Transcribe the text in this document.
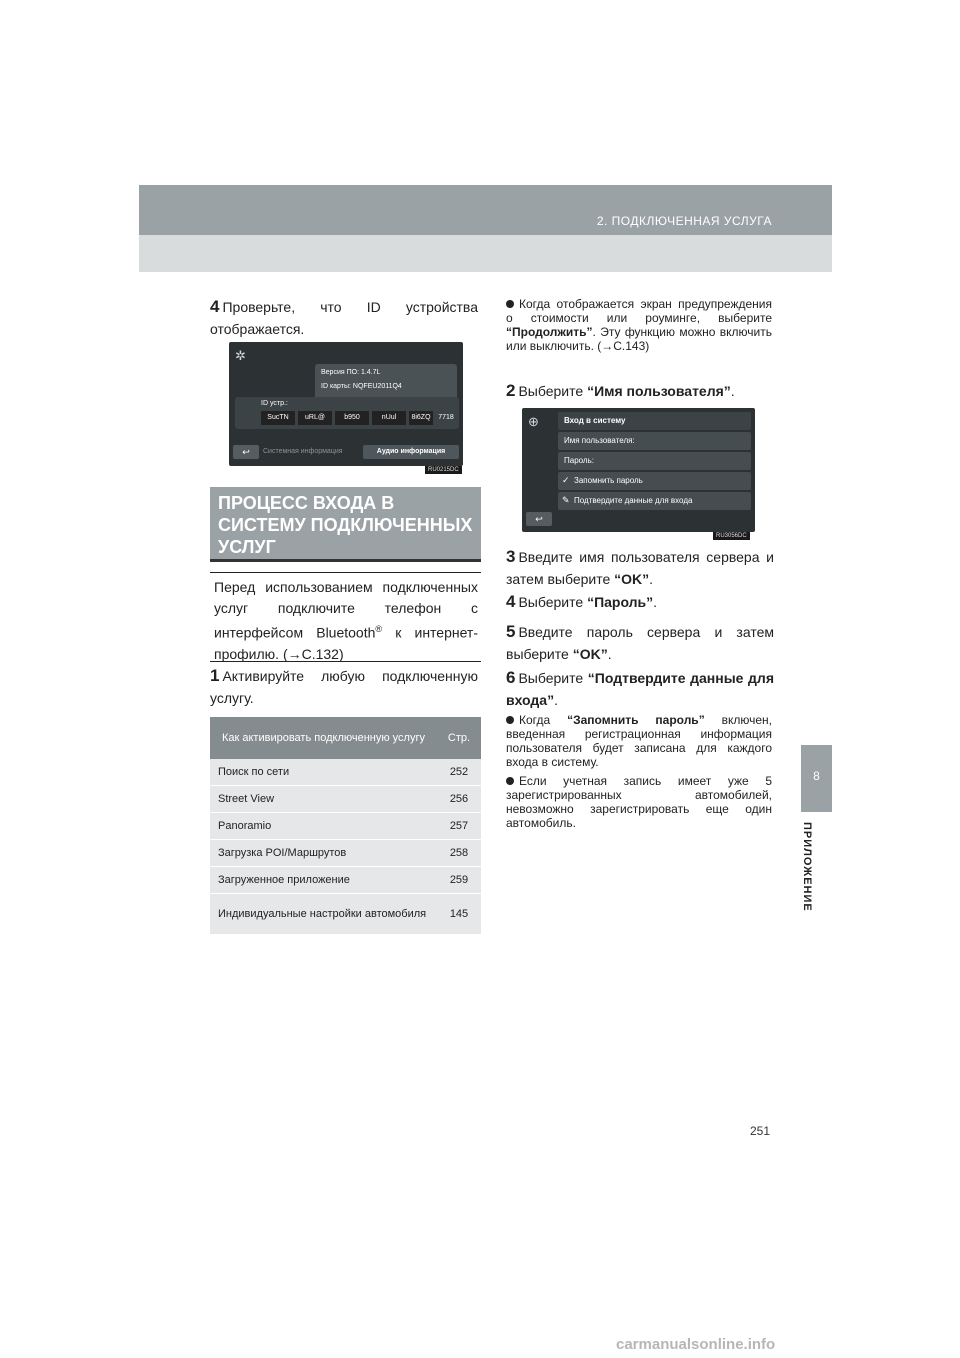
2. ПОДКЛЮЧЕННАЯ УСЛУГА
8
ПРИЛОЖЕНИЕ
4 Проверьте, что ID устройства отображается.
✲
Версия ПО: 1.4.7L
ID карты: NQFEU2011Q4
ID устр.:
SucTN	uRL@	b950	nUul	8i6ZQ	7718
↩	Системная информация	Аудио информация
RU0215DC
ПРОЦЕСС ВХОДА В СИСТЕМУ ПОДКЛЮЧЕННЫХ УСЛУГ
Перед использованием подключенных услуг подключите телефон с интерфейсом Bluetooth® к интернет-профилю. (→С.132)
1 Активируйте любую подключенную услугу.
Как активировать подключенную услугу	Стр.
Поиск по сети	252
Street View	256
Panoramio	257
Загрузка POI/Маршрутов	258
Загруженное приложение	259
Индивидуальные настройки автомобиля	145
Когда отображается экран предупреждения о стоимости или роуминге, выберите “Продолжить”. Эту функцию можно включить или выключить. (→С.143)
2 Выберите “Имя пользователя”.
⊕	Вход в систему
Имя пользователя:
Пароль:
✓ Запомнить пароль
✎ Подтвердите данные для входа
↩
RU3056DC
3 Введите имя пользователя сервера и затем выберите “OK”.
4 Выберите “Пароль”.
5 Введите пароль сервера и затем выберите “OK”.
6 Выберите “Подтвердите данные для входа”.
Когда “Запомнить пароль” включен, введенная регистрационная информация пользователя будет записана для каждого входа в систему.
Если учетная запись имеет уже 5 зарегистрированных автомобилей, невозможно зарегистрировать еще один автомобиль.
251
carmanualsonline.info
